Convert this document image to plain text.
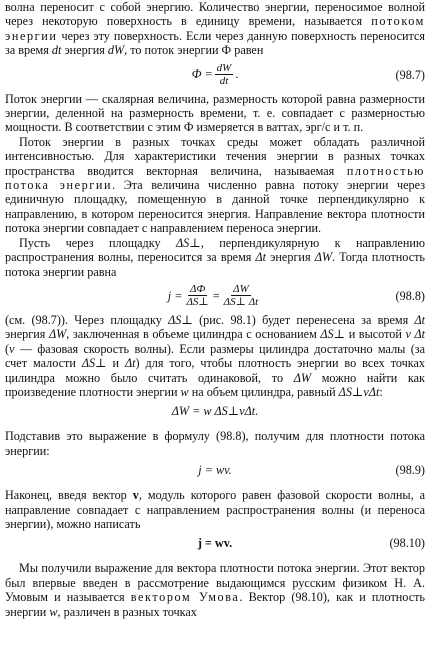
волна переносит с собой энергию. Количество энергии, переносимое волной через некоторую поверхность в единицу времени, называется потоком энергии через эту поверхность. Если через данную поверхность переносится за время dt энергия dW, то поток энергии Ф равен

$Ф = \frac{dW}{dt}$ .	(98.7)

Поток энергии — скалярная величина, размерность которой равна размерности энергии, деленной на размерность времени, т. е. совпадает с размерностью мощности. В соответствии с этим Ф измеряется в ваттах, эрг/с и т. п.

Поток энергии в разных точках среды может обладать различной интенсивностью. Для характеристики течения энергии в разных точках пространства вводится векторная величина, называемая плотностью потока энергии. Эта величина численно равна потоку энергии через единичную площадку, помещенную в данной точке перпендикулярно к направлению, в котором переносится энергия. Направление вектора плотности потока энергии совпадает с направлением переноса энергии.

Пусть через площадку ΔS⊥, перпендикулярную к направлению распространения волны, переносится за время Δt энергия ΔW. Тогда плотность потока энергии равна

$j = \frac{\Delta Ф}{\Delta S\perp} = \frac{\Delta W}{\Delta S\perp \Delta t}$	(98.8)

(см. (98.7)). Через площадку ΔS⊥ (рис. 98.1) будет перенесена за время Δt энергия ΔW, заключенная в объеме цилиндра с основанием ΔS⊥ и высотой v Δt (v — фазовая скорость волны). Если размеры цилиндра достаточно малы (за счет малости ΔS⊥ и Δt) для того, чтобы плотность энергии во всех точках цилиндра можно было считать одинаковой, то ΔW можно найти как произведение плотности энергии w на объем цилиндра, равный ΔS⊥vΔt:

ΔW = w ΔS⊥vΔt.

Подставив это выражение в формулу (98.8), получим для плотности потока энергии:

j = wv.	(98.9)

Наконец, введя вектор v, модуль которого равен фазовой скорости волны, а направление совпадает с направлением распространения волны (и переноса энергии), можно написать

j = wv.	(98.10)

Мы получили выражение для вектора плотности потока энергии. Этот вектор был впервые введен в рассмотрение выдающимся русским физиком Н. А. Умовым и называется вектором Умова. Вектор (98.10), как и плотность энергии w, различен в разных точках
